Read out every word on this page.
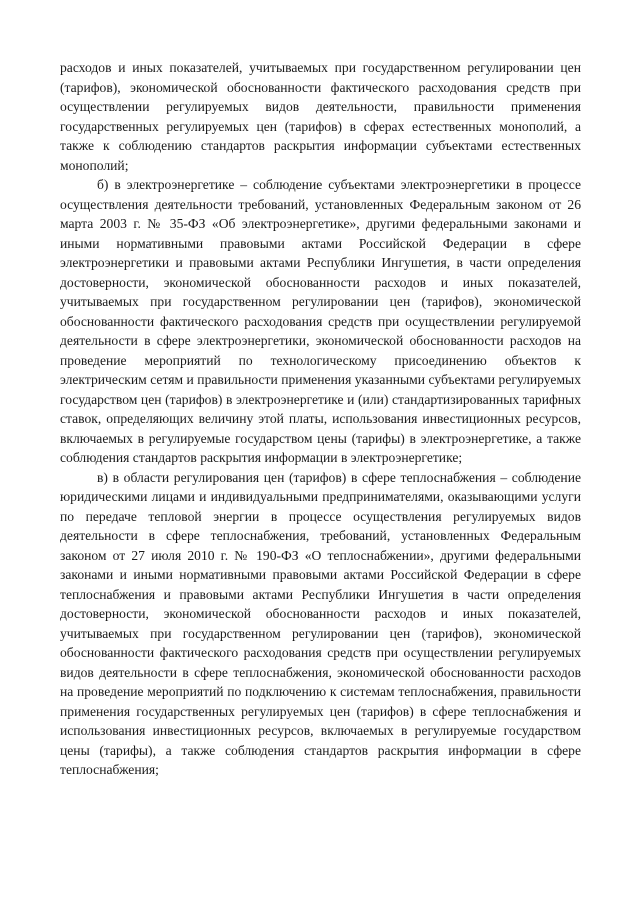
расходов и иных показателей, учитываемых при государственном регулировании цен (тарифов), экономической обоснованности фактического расходования средств при осуществлении регулируемых видов деятельности, правильности применения государственных регулируемых цен (тарифов) в сферах естественных монополий, а также к соблюдению стандартов раскрытия информации субъектами естественных монополий;

б) в электроэнергетике – соблюдение субъектами электроэнергетики в процессе осуществления деятельности требований, установленных Федеральным законом от 26 марта 2003 г. № 35-ФЗ «Об электроэнергетике», другими федеральными законами и иными нормативными правовыми актами Российской Федерации в сфере электроэнергетики и правовыми актами Республики Ингушетия, в части определения достоверности, экономической обоснованности расходов и иных показателей, учитываемых при государственном регулировании цен (тарифов), экономической обоснованности фактического расходования средств при осуществлении регулируемой деятельности в сфере электроэнергетики, экономической обоснованности расходов на проведение мероприятий по технологическому присоединению объектов к электрическим сетям и правильности применения указанными субъектами регулируемых государством цен (тарифов) в электроэнергетике и (или) стандартизированных тарифных ставок, определяющих величину этой платы, использования инвестиционных ресурсов, включаемых в регулируемые государством цены (тарифы) в электроэнергетике, а также соблюдения стандартов раскрытия информации в электроэнергетике;

в) в области регулирования цен (тарифов) в сфере теплоснабжения – соблюдение юридическими лицами и индивидуальными предпринимателями, оказывающими услуги по передаче тепловой энергии в процессе осуществления регулируемых видов деятельности в сфере теплоснабжения, требований, установленных Федеральным законом от 27 июля 2010 г. № 190-ФЗ «О теплоснабжении», другими федеральными законами и иными нормативными правовыми актами Российской Федерации в сфере теплоснабжения и правовыми актами Республики Ингушетия в части определения достоверности, экономической обоснованности расходов и иных показателей, учитываемых при государственном регулировании цен (тарифов), экономической обоснованности фактического расходования средств при осуществлении регулируемых видов деятельности в сфере теплоснабжения, экономической обоснованности расходов на проведение мероприятий по подключению к системам теплоснабжения, правильности применения государственных регулируемых цен (тарифов) в сфере теплоснабжения и использования инвестиционных ресурсов, включаемых в регулируемые государством цены (тарифы), а также соблюдения стандартов раскрытия информации в сфере теплоснабжения;
